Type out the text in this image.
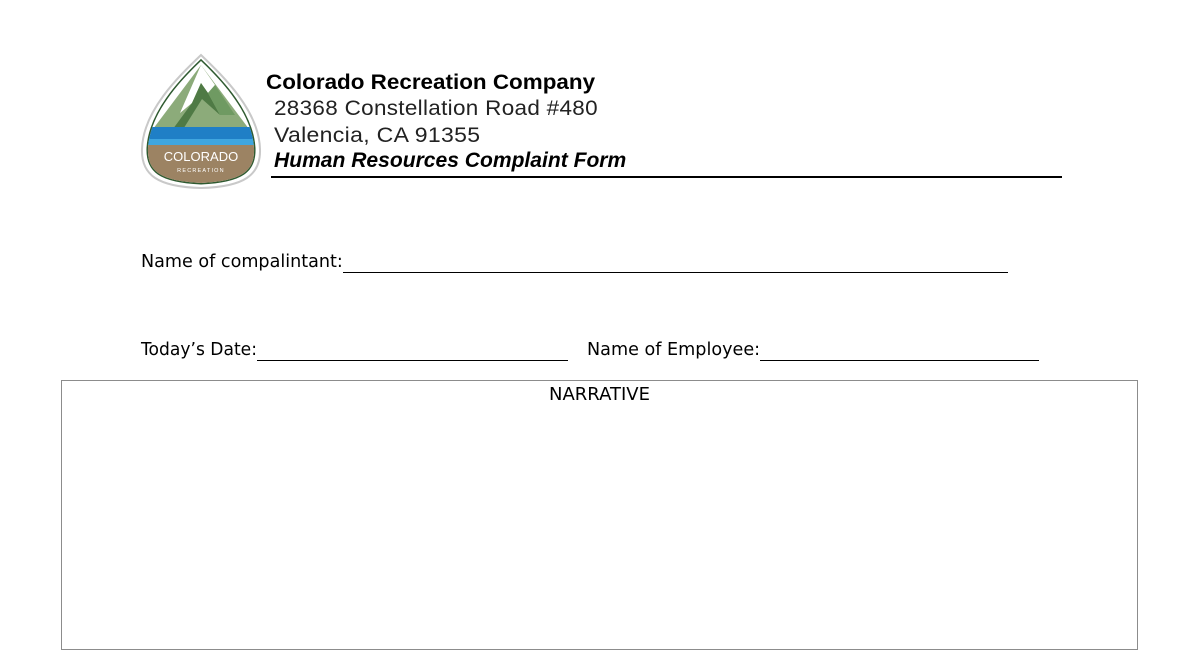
COLORADO
RECREATION
Colorado Recreation Company
28368 Constellation Road #480
Valencia, CA 91355
Human Resources Complaint Form
Name of compalintant:
Today’s Date:	Name of Employee:
NARRATIVE
